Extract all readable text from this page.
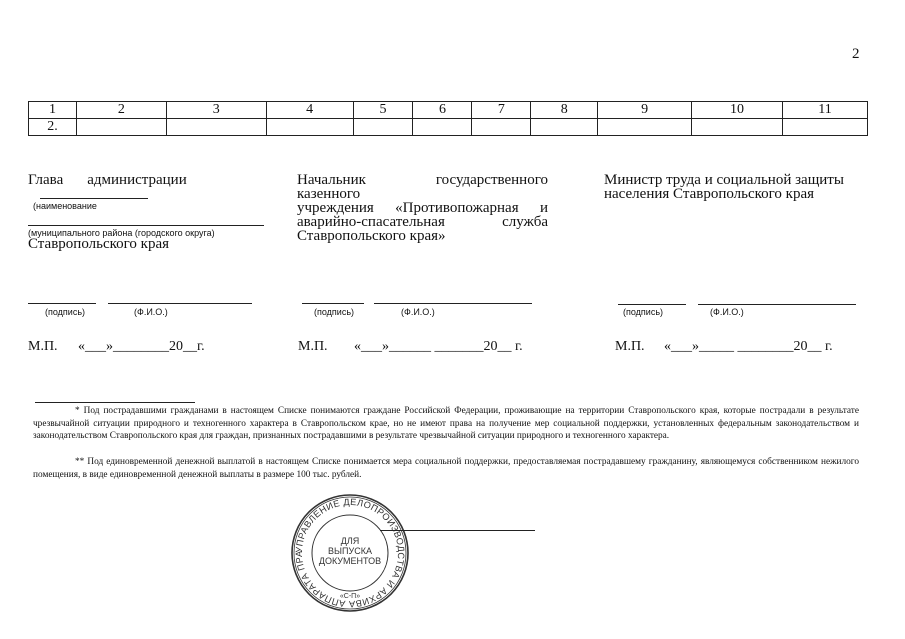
2
1	2	3	4	5	6	7	8	9	10	11
2.										
Глава администрации
(наименование
(муниципального района (городского округа)
Ставропольского края
(подпись)	(Ф.И.О.)
М.П. «___»________20__г.
Начальник государственного казенного
учреждения «Противопожарная и
аварийно-спасательная служба
Ставропольского края»
(подпись)	(Ф.И.О.)
М.П. «___»______ _______20__ г.
Министр труда и социальной защиты
населения Ставропольского края
(подпись)	(Ф.И.О.)
М.П. «___»_____ ________20__ г.
* Под пострадавшими гражданами в настоящем Списке понимаются граждане Российской Федерации, проживающие на территории Ставропольского края, которые пострадали в результате чрезвычайной ситуации природного и техногенного характера в Ставропольском крае, но не имеют права на получение мер социальной поддержки, установленных федеральным законодательством и законодательством Ставропольского края для граждан, признанных пострадавшими в результате чрезвычайной ситуации природного и техногенного характера.
** Под единовременной денежной выплатой в настоящем Списке понимается мера социальной поддержки, предоставляемая пострадавшему гражданину, являющемуся собственником нежилого помещения, в виде единовременной денежной выплаты в размере 100 тыс. рублей.
УПРАВЛЕНИЕ ДЕЛОПРОИЗВОДСТВА И АРХИВА АППАРАТА ПРА
ДЛЯ
ВЫПУСКА
ДОКУМЕНТОВ
«С-П»
